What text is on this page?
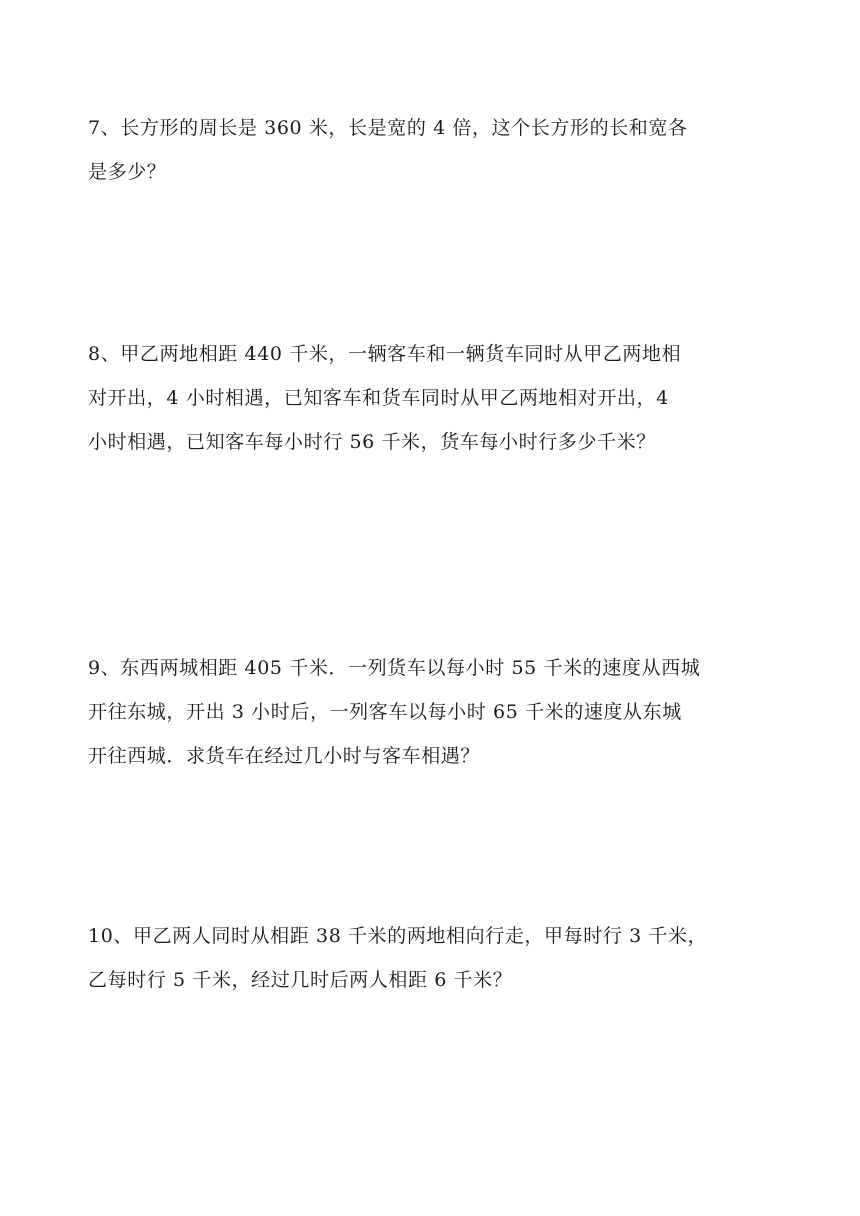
7、长方形的周长是 360 米，长是宽的 4 倍，这个长方形的长和宽各
是多少？
8、甲乙两地相距 440 千米，一辆客车和一辆货车同时从甲乙两地相
对开出，4 小时相遇，已知客车和货车同时从甲乙两地相对开出，4
小时相遇，已知客车每小时行 56 千米，货车每小时行多少千米？
9、东西两城相距 405 千米．一列货车以每小时 55 千米的速度从西城
开往东城，开出 3 小时后，一列客车以每小时 65 千米的速度从东城
开往西城．求货车在经过几小时与客车相遇？
10、甲乙两人同时从相距 38 千米的两地相向行走，甲每时行 3 千米，
乙每时行 5 千米，经过几时后两人相距 6 千米？
